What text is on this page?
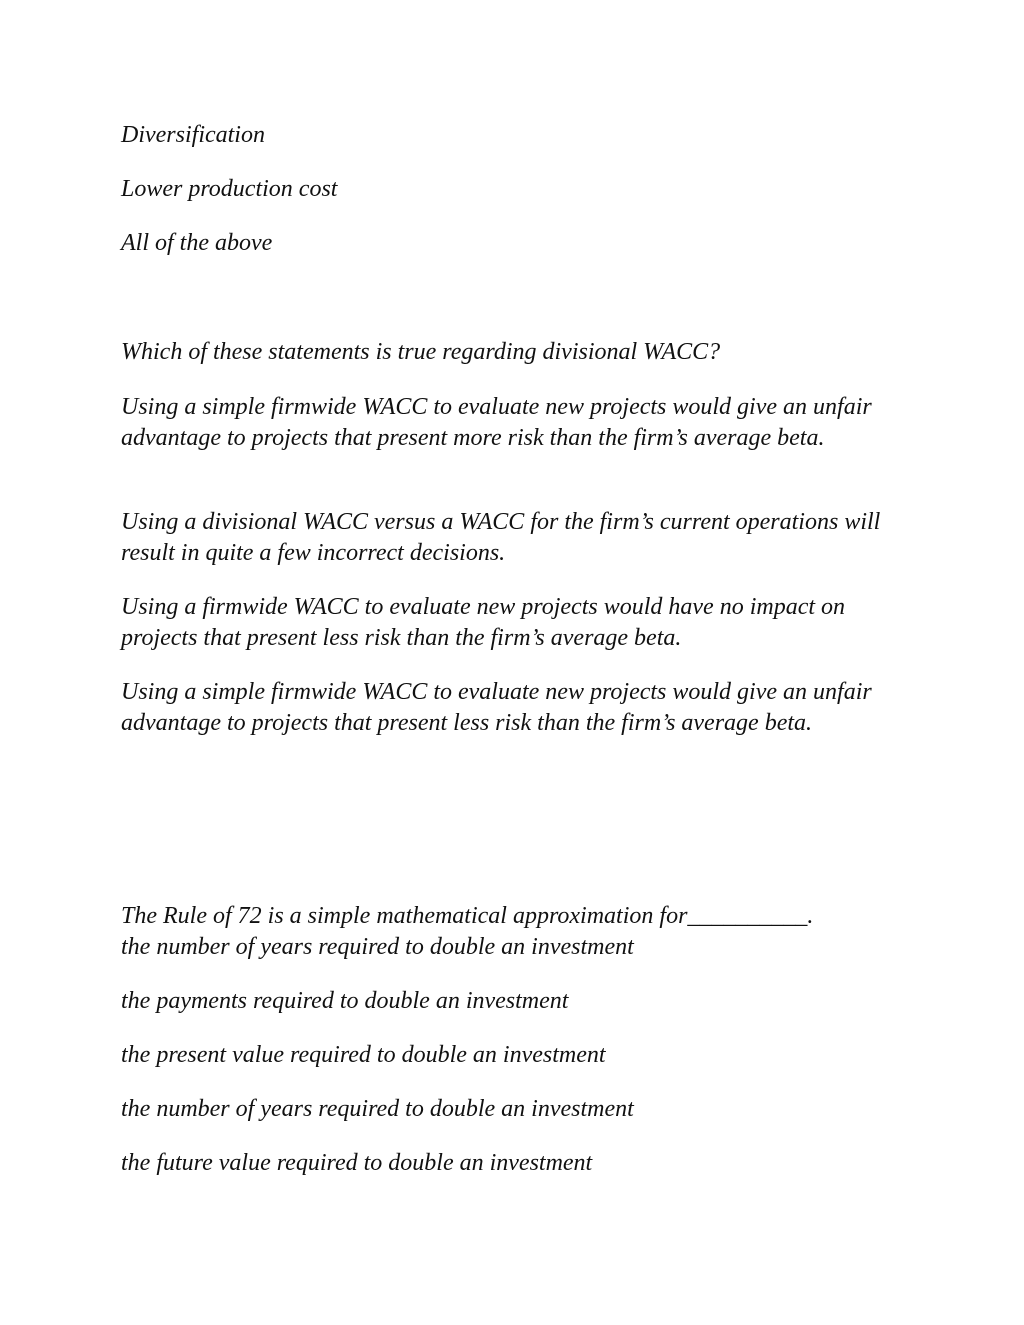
Diversification

Lower production cost

All of the above

Which of these statements is true regarding divisional WACC?

Using a simple firmwide WACC to evaluate new projects would give an unfair advantage to projects that present more risk than the firm’s average beta.

Using a divisional WACC versus a WACC for the firm’s current operations will result in quite a few incorrect decisions.

Using a firmwide WACC to evaluate new projects would have no impact on projects that present less risk than the firm’s average beta.

Using a simple firmwide WACC to evaluate new projects would give an unfair advantage to projects that present less risk than the firm’s average beta.

The Rule of 72 is a simple mathematical approximation for__________.

the number of years required to double an investment

the payments required to double an investment

the present value required to double an investment

the number of years required to double an investment

the future value required to double an investment
